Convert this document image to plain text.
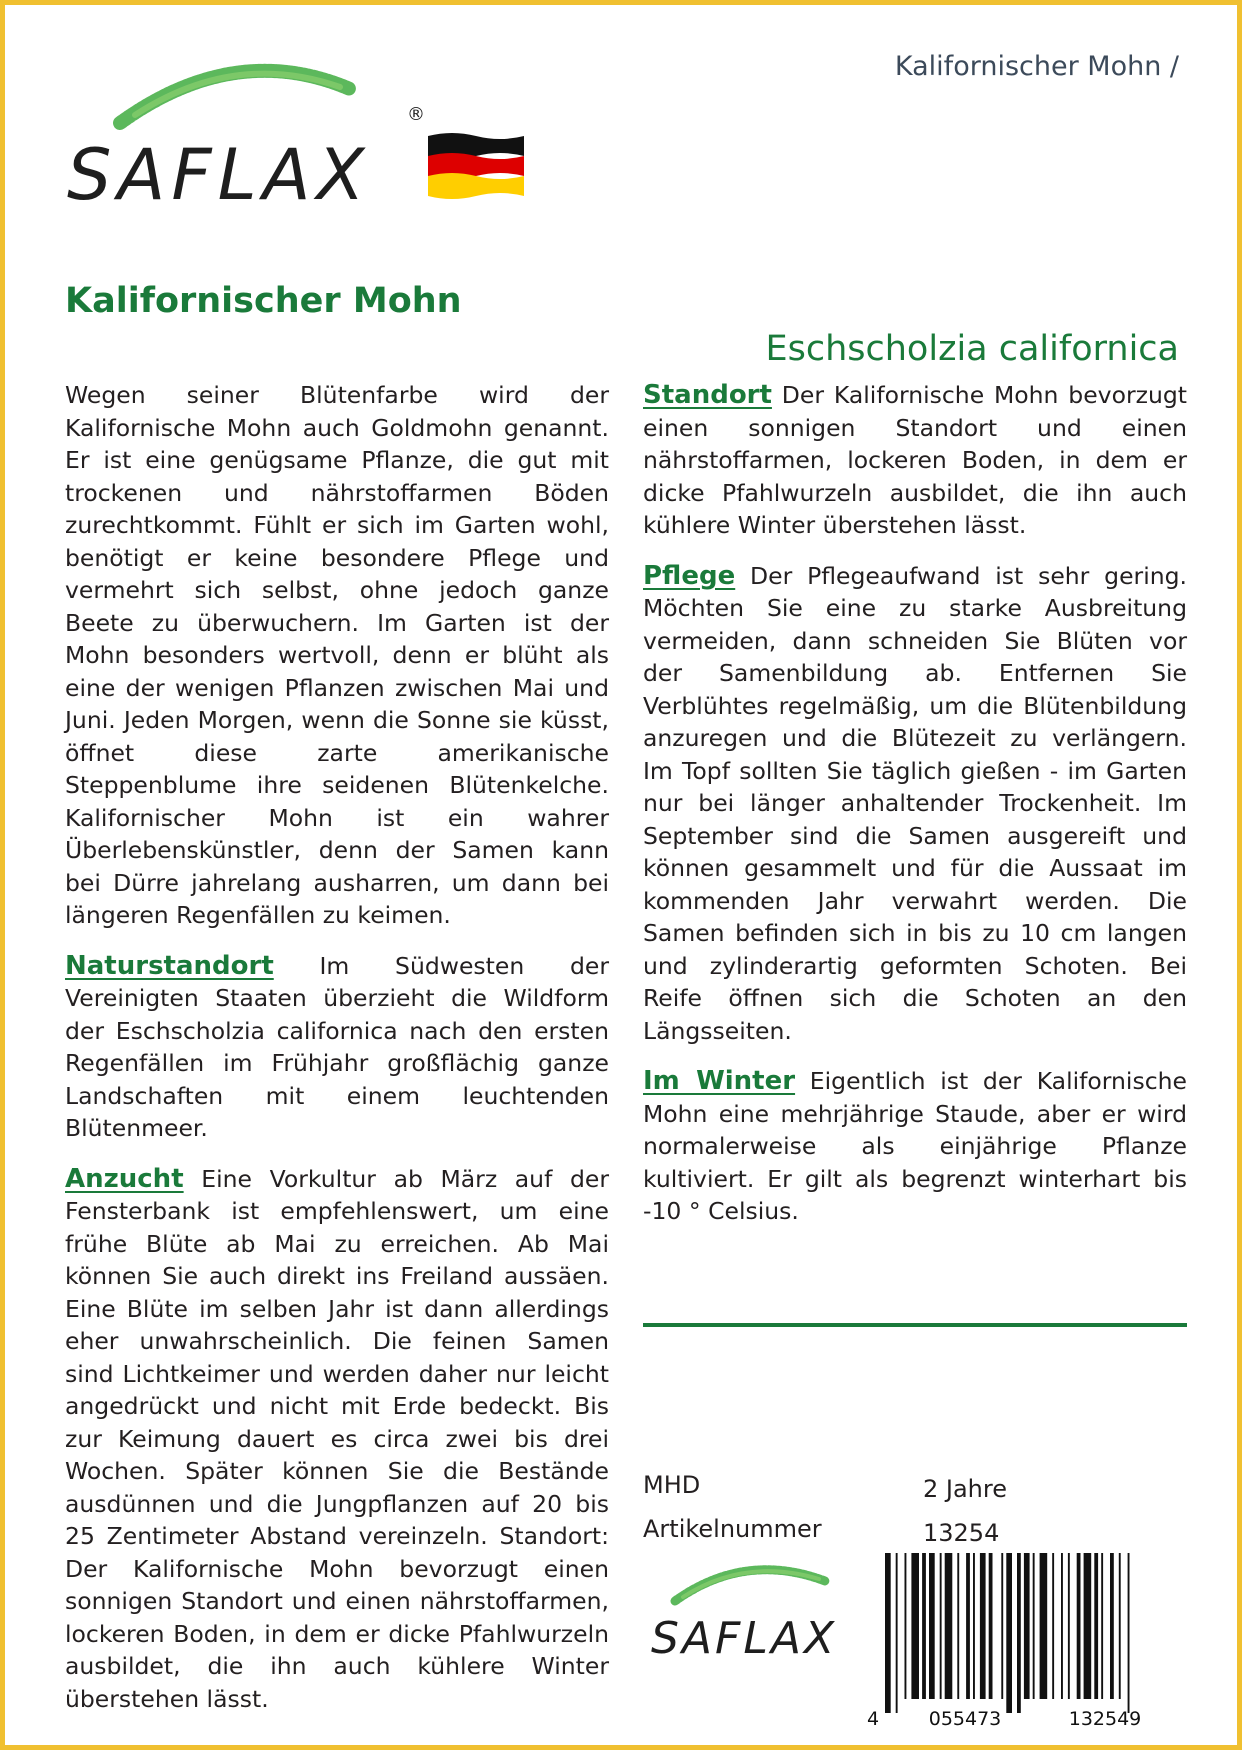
Kalifornischer Mohn /
SAFLAX
®
Kalifornischer Mohn
Eschscholzia californica

Wegen seiner Blütenfarbe wird der Kalifornische Mohn auch Goldmohn genannt. Er ist eine genügsame Pflanze, die gut mit trockenen und nährstoffarmen Böden zurechtkommt. Fühlt er sich im Garten wohl, benötigt er keine besondere Pflege und vermehrt sich selbst, ohne jedoch ganze Beete zu überwuchern. Im Garten ist der Mohn besonders wertvoll, denn er blüht als eine der wenigen Pflanzen zwischen Mai und Juni. Jeden Morgen, wenn die Sonne sie küsst, öffnet diese zarte amerikanische Steppenblume ihre seidenen Blütenkelche. Kalifornischer Mohn ist ein wahrer Überlebenskünstler, denn der Samen kann bei Dürre jahrelang ausharren, um dann bei längeren Regenfällen zu keimen.

Naturstandort Im Südwesten der Vereinigten Staaten überzieht die Wildform der Eschscholzia californica nach den ersten Regenfällen im Frühjahr großflächig ganze Landschaften mit einem leuchtenden Blütenmeer.

Anzucht Eine Vorkultur ab März auf der Fensterbank ist empfehlenswert, um eine frühe Blüte ab Mai zu erreichen. Ab Mai können Sie auch direkt ins Freiland aussäen. Eine Blüte im selben Jahr ist dann allerdings eher unwahrscheinlich. Die feinen Samen sind Lichtkeimer und werden daher nur leicht angedrückt und nicht mit Erde bedeckt. Bis zur Keimung dauert es circa zwei bis drei Wochen. Später können Sie die Bestände ausdünnen und die Jungpflanzen auf 20 bis 25 Zentimeter Abstand vereinzeln. Standort: Der Kalifornische Mohn bevorzugt einen sonnigen Standort und einen nährstoffarmen, lockeren Boden, in dem er dicke Pfahlwurzeln ausbildet, die ihn auch kühlere Winter überstehen lässt.

Standort Der Kalifornische Mohn bevorzugt einen sonnigen Standort und einen nährstoffarmen, lockeren Boden, in dem er dicke Pfahlwurzeln ausbildet, die ihn auch kühlere Winter überstehen lässt.

Pflege Der Pflegeaufwand ist sehr gering. Möchten Sie eine zu starke Ausbreitung vermeiden, dann schneiden Sie Blüten vor der Samenbildung ab. Entfernen Sie Verblühtes regelmäßig, um die Blütenbildung anzuregen und die Blütezeit zu verlängern. Im Topf sollten Sie täglich gießen - im Garten nur bei länger anhaltender Trockenheit. Im September sind die Samen ausgereift und können gesammelt und für die Aussaat im kommenden Jahr verwahrt werden. Die Samen befinden sich in bis zu 10 cm langen und zylinderartig geformten Schoten. Bei Reife öffnen sich die Schoten an den Längsseiten.

Im Winter Eigentlich ist der Kalifornische Mohn eine mehrjährige Staude, aber er wird normalerweise als einjährige Pflanze kultiviert. Er gilt als begrenzt winterhart bis -10 ° Celsius.

MHD	2 Jahre
Artikelnummer	13254
SAFLAX
4	055473	132549
